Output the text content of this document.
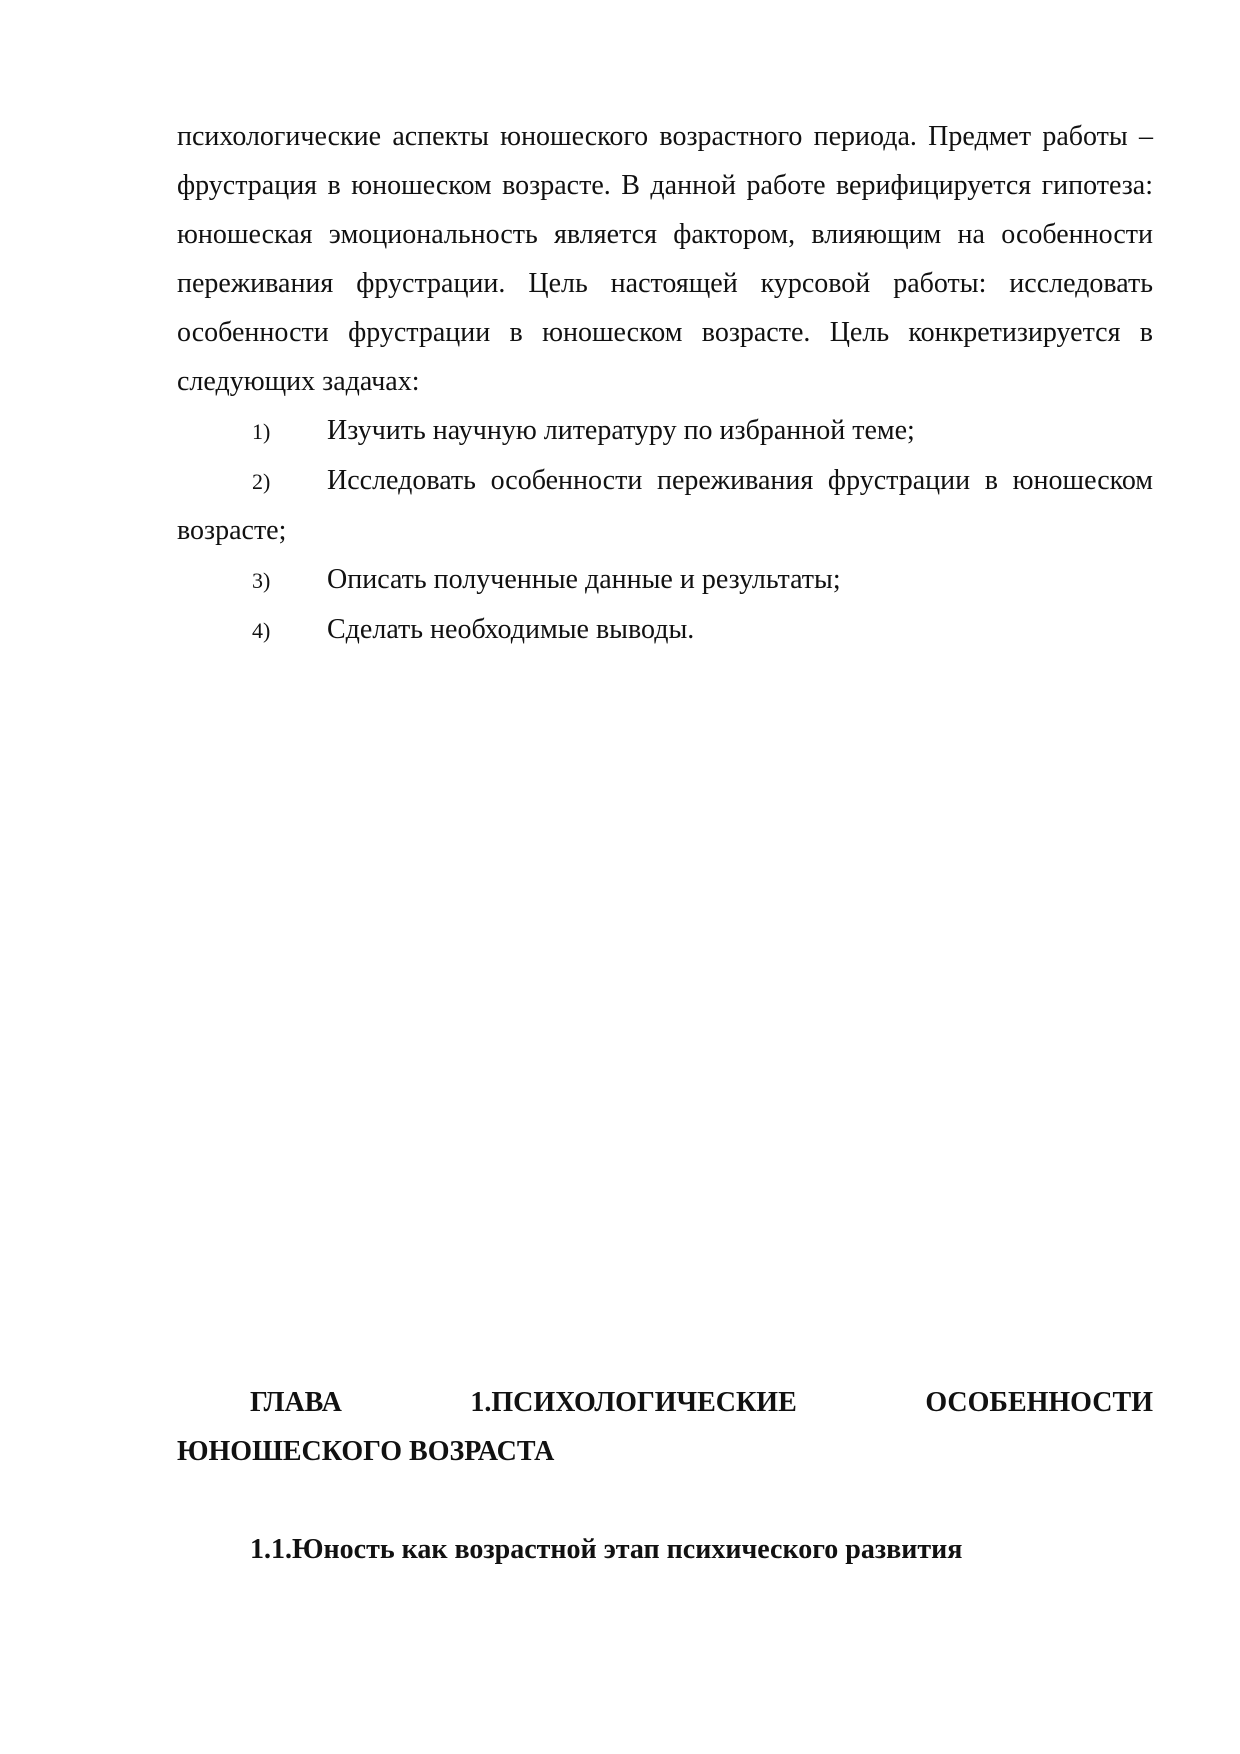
психологические аспекты юношеского возрастного периода. Предмет работы – фрустрация в юношеском возрасте. В данной работе верифицируется гипотеза: юношеская эмоциональность является фактором, влияющим на особенности переживания фрустрации. Цель настоящей курсовой работы: исследовать особенности фрустрации в юношеском возрасте. Цель конкретизируется в следующих задачах:

1) Изучить научную литературу по избранной теме;
2) Исследовать особенности переживания фрустрации в юношеском возрасте;
3) Описать полученные данные и результаты;
4) Сделать необходимые выводы.

ГЛАВА	1.ПСИХОЛОГИЧЕСКИЕ	ОСОБЕННОСТИ

ЮНОШЕСКОГО ВОЗРАСТА

1.1.Юность как возрастной этап психического развития
